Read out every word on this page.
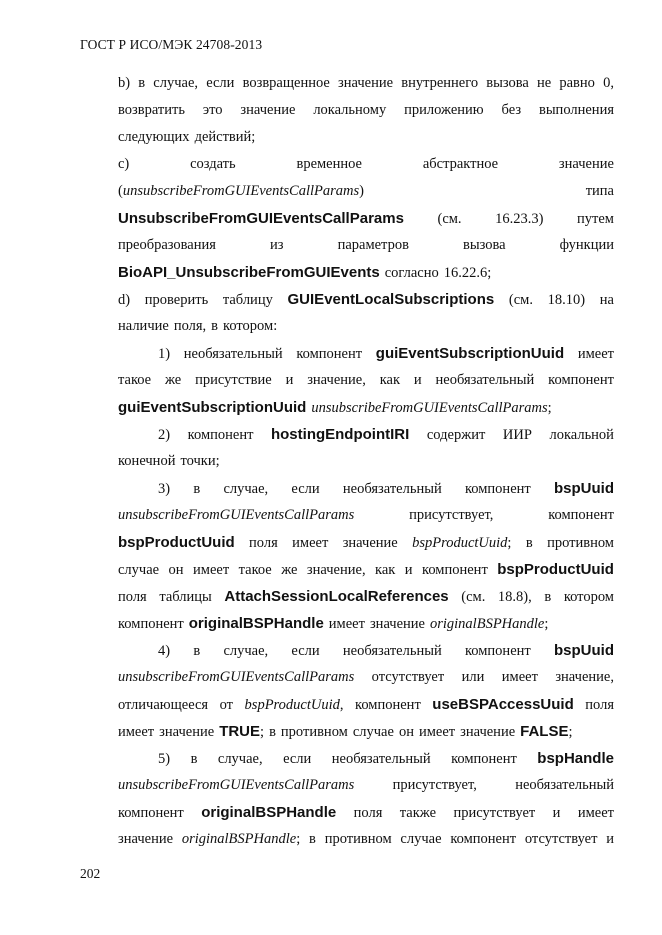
ГОСТ Р ИСО/МЭК 24708-2013
b) в случае, если возвращенное значение внутреннего вызова не равно 0,
возвратить это значение локальному приложению без выполнения
следующих действий;
c)	создать	временное	абстрактное	значение
(unsubscribeFromGUIEventsCallParams)	типа
UnsubscribeFromGUIEventsCallParams (см. 16.23.3) путем
преобразования	из	параметров	вызова	функции
BioAPI_UnsubscribeFromGUIEvents согласно 16.22.6;
d) проверить таблицу GUIEventLocalSubscriptions (см. 18.10) на
наличие поля, в котором:
1) необязательный компонент guiEventSubscriptionUuid имеет
такое же присутствие и значение, как и необязательный компонент
guiEventSubscriptionUuid unsubscribeFromGUIEventsCallParams;
2) компонент hostingEndpointIRI содержит ИИР локальной
конечной точки;
3) в случае, если необязательный компонент bspUuid
unsubscribeFromGUIEventsCallParams	присутствует,	компонент
bspProductUuid поля имеет значение bspProductUuid; в противном
случае он имеет такое же значение, как и компонент bspProductUuid
поля таблицы AttachSessionLocalReferences (см. 18.8), в котором
компонент originalBSPHandle имеет значение originalBSPHandle;
4) в случае, если необязательный компонент bspUuid
unsubscribeFromGUIEventsCallParams отсутствует или имеет значение,
отличающееся от bspProductUuid, компонент useBSPAccessUuid поля
имеет значение TRUE; в противном случае он имеет значение FALSE;
5) в случае, если необязательный компонент bspHandle
unsubscribeFromGUIEventsCallParams	присутствует,	необязательный
компонент originalBSPHandle поля также присутствует и имеет
значение originalBSPHandle; в противном случае компонент отсутствует и
202
